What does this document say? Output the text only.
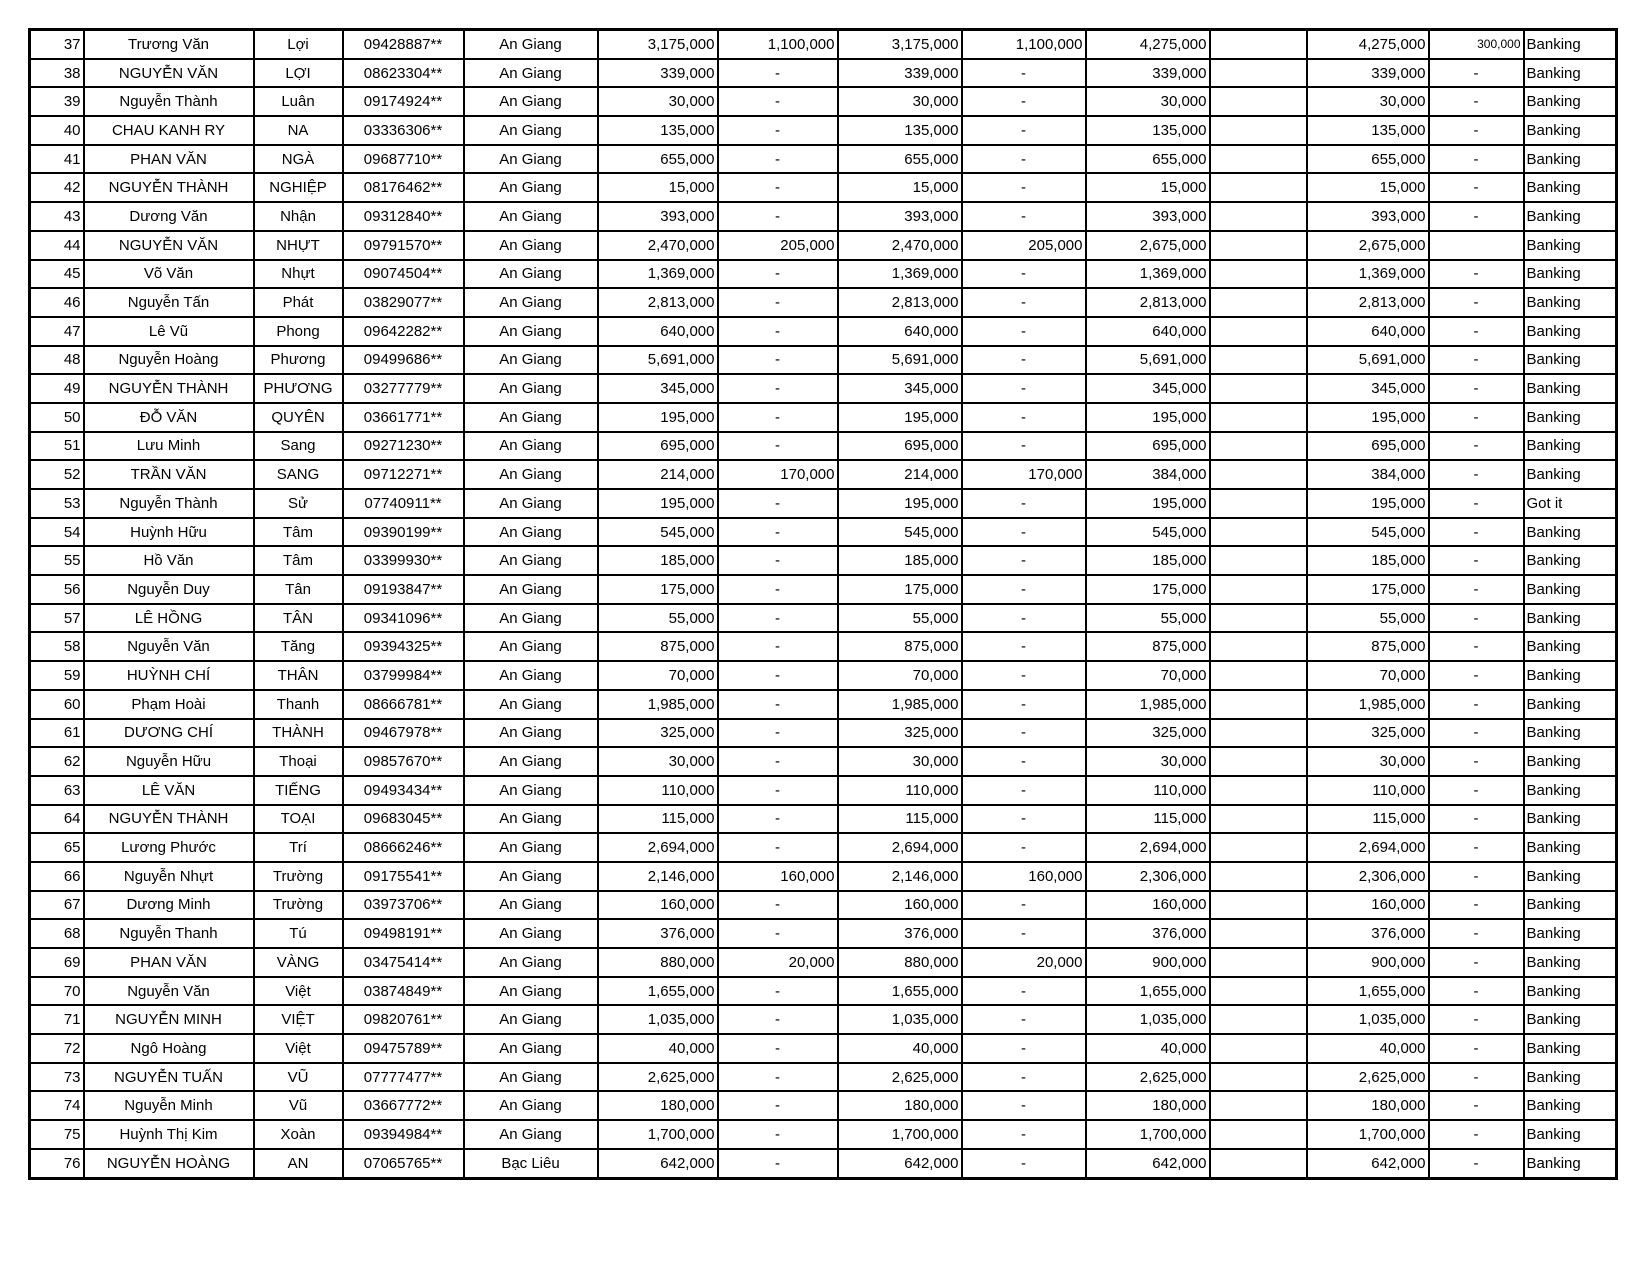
37	Trương Văn	Lợi	09428887**	An Giang	3,175,000	1,100,000	3,175,000	1,100,000	4,275,000		4,275,000	300,000	Banking
38	NGUYỄN VĂN	LỢI	08623304**	An Giang	339,000	-	339,000	-	339,000		339,000	-	Banking
39	Nguyễn Thành	Luân	09174924**	An Giang	30,000	-	30,000	-	30,000		30,000	-	Banking
40	CHAU KANH RY	NA	03336306**	An Giang	135,000	-	135,000	-	135,000		135,000	-	Banking
41	PHAN VĂN	NGÀ	09687710**	An Giang	655,000	-	655,000	-	655,000		655,000	-	Banking
42	NGUYỄN THÀNH	NGHIỆP	08176462**	An Giang	15,000	-	15,000	-	15,000		15,000	-	Banking
43	Dương Văn	Nhận	09312840**	An Giang	393,000	-	393,000	-	393,000		393,000	-	Banking
44	NGUYỄN VĂN	NHỰT	09791570**	An Giang	2,470,000	205,000	2,470,000	205,000	2,675,000		2,675,000		Banking
45	Võ Văn	Nhựt	09074504**	An Giang	1,369,000	-	1,369,000	-	1,369,000		1,369,000	-	Banking
46	Nguyễn Tấn	Phát	03829077**	An Giang	2,813,000	-	2,813,000	-	2,813,000		2,813,000	-	Banking
47	Lê Vũ	Phong	09642282**	An Giang	640,000	-	640,000	-	640,000		640,000	-	Banking
48	Nguyễn Hoàng	Phương	09499686**	An Giang	5,691,000	-	5,691,000	-	5,691,000		5,691,000	-	Banking
49	NGUYỄN THÀNH	PHƯƠNG	03277779**	An Giang	345,000	-	345,000	-	345,000		345,000	-	Banking
50	ĐỖ VĂN	QUYÊN	03661771**	An Giang	195,000	-	195,000	-	195,000		195,000	-	Banking
51	Lưu Minh	Sang	09271230**	An Giang	695,000	-	695,000	-	695,000		695,000	-	Banking
52	TRẦN VĂN	SANG	09712271**	An Giang	214,000	170,000	214,000	170,000	384,000		384,000	-	Banking
53	Nguyễn Thành	Sử	07740911**	An Giang	195,000	-	195,000	-	195,000		195,000	-	Got it
54	Huỳnh Hữu	Tâm	09390199**	An Giang	545,000	-	545,000	-	545,000		545,000	-	Banking
55	Hồ Văn	Tâm	03399930**	An Giang	185,000	-	185,000	-	185,000		185,000	-	Banking
56	Nguyễn Duy	Tân	09193847**	An Giang	175,000	-	175,000	-	175,000		175,000	-	Banking
57	LÊ HỒNG	TÂN	09341096**	An Giang	55,000	-	55,000	-	55,000		55,000	-	Banking
58	Nguyễn Văn	Tăng	09394325**	An Giang	875,000	-	875,000	-	875,000		875,000	-	Banking
59	HUỲNH CHÍ	THÂN	03799984**	An Giang	70,000	-	70,000	-	70,000		70,000	-	Banking
60	Phạm Hoài	Thanh	08666781**	An Giang	1,985,000	-	1,985,000	-	1,985,000		1,985,000	-	Banking
61	DƯƠNG CHÍ	THÀNH	09467978**	An Giang	325,000	-	325,000	-	325,000		325,000	-	Banking
62	Nguyễn Hữu	Thoại	09857670**	An Giang	30,000	-	30,000	-	30,000		30,000	-	Banking
63	LÊ VĂN	TIẾNG	09493434**	An Giang	110,000	-	110,000	-	110,000		110,000	-	Banking
64	NGUYỄN THÀNH	TOẠI	09683045**	An Giang	115,000	-	115,000	-	115,000		115,000	-	Banking
65	Lương Phước	Trí	08666246**	An Giang	2,694,000	-	2,694,000	-	2,694,000		2,694,000	-	Banking
66	Nguyễn Nhựt	Trường	09175541**	An Giang	2,146,000	160,000	2,146,000	160,000	2,306,000		2,306,000	-	Banking
67	Dương Minh	Trường	03973706**	An Giang	160,000	-	160,000	-	160,000		160,000	-	Banking
68	Nguyễn Thanh	Tú	09498191**	An Giang	376,000	-	376,000	-	376,000		376,000	-	Banking
69	PHAN VĂN	VÀNG	03475414**	An Giang	880,000	20,000	880,000	20,000	900,000		900,000	-	Banking
70	Nguyễn Văn	Việt	03874849**	An Giang	1,655,000	-	1,655,000	-	1,655,000		1,655,000	-	Banking
71	NGUYỄN MINH	VIỆT	09820761**	An Giang	1,035,000	-	1,035,000	-	1,035,000		1,035,000	-	Banking
72	Ngô Hoàng	Việt	09475789**	An Giang	40,000	-	40,000	-	40,000		40,000	-	Banking
73	NGUYỄN TUẤN	VŨ	07777477**	An Giang	2,625,000	-	2,625,000	-	2,625,000		2,625,000	-	Banking
74	Nguyễn Minh	Vũ	03667772**	An Giang	180,000	-	180,000	-	180,000		180,000	-	Banking
75	Huỳnh Thị Kim	Xoàn	09394984**	An Giang	1,700,000	-	1,700,000	-	1,700,000		1,700,000	-	Banking
76	NGUYỄN HOÀNG	AN	07065765**	Bạc Liêu	642,000	-	642,000	-	642,000		642,000	-	Banking
